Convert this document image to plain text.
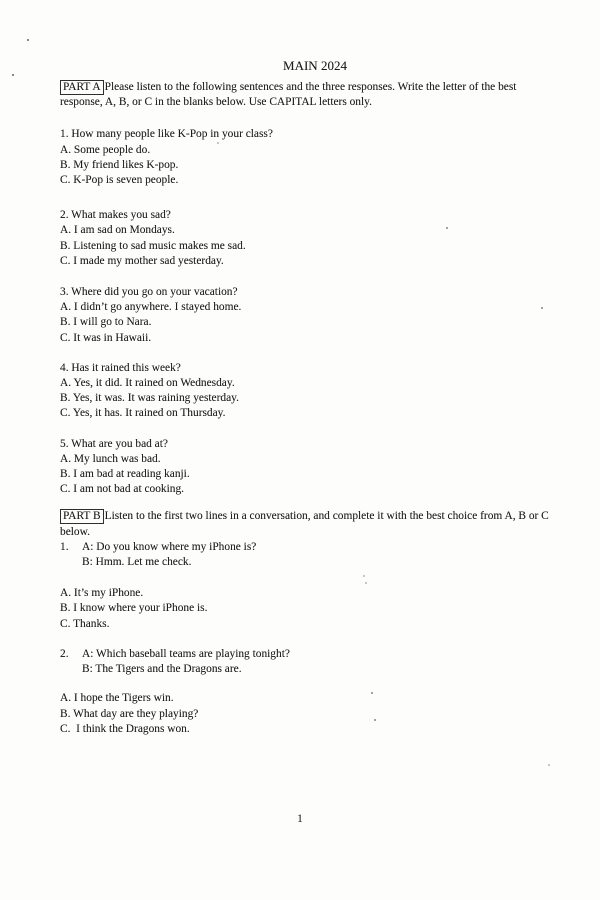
MAIN 2024
PART A Please listen to the following sentences and the three responses. Write the letter of the best
response, A, B, or C in the blanks below. Use CAPITAL letters only.
1. How many people like K-Pop in your class?
A. Some people do.
B. My friend likes K-pop.
C. K-Pop is seven people.
2. What makes you sad?
A. I am sad on Mondays.
B. Listening to sad music makes me sad.
C. I made my mother sad yesterday.
3. Where did you go on your vacation?
A. I didn’t go anywhere. I stayed home.
B. I will go to Nara.
C. It was in Hawaii.
4. Has it rained this week?
A. Yes, it did. It rained on Wednesday.
B. Yes, it was. It was raining yesterday.
C. Yes, it has. It rained on Thursday.
5. What are you bad at?
A. My lunch was bad.
B. I am bad at reading kanji.
C. I am not bad at cooking.
PART B Listen to the first two lines in a conversation, and complete it with the best choice from A, B or C
below.
1. A: Do you know where my iPhone is?
B: Hmm. Let me check.
A. It’s my iPhone.
B. I know where your iPhone is.
C. Thanks.
2. A: Which baseball teams are playing tonight?
B: The Tigers and the Dragons are.
A. I hope the Tigers win.
B. What day are they playing?
C.  I think the Dragons won.
1
